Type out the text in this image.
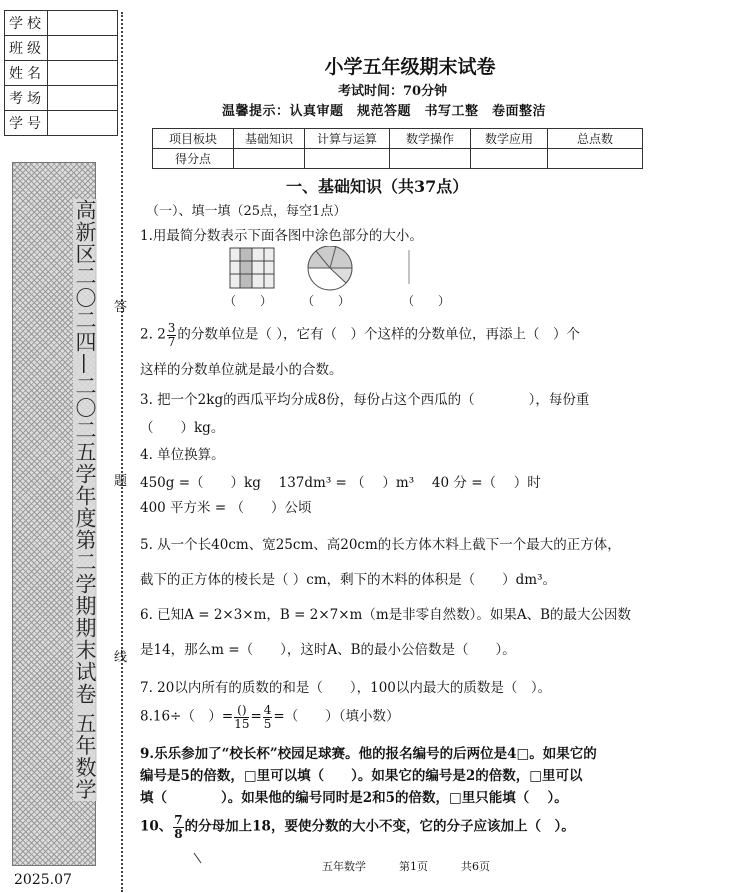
学校	
班级	
姓名	
考场	
学号	
高新区二〇二四—二〇二五学年度第二学期期末试卷 五年数学
2025.07
答
题
线
小学五年级期末试卷
考试时间：70分钟
温馨提示：认真审题　规范答题　书写工整　卷面整洁
项目板块	基础知识	计算与运算	数学操作	数学应用	总点数
得分点					
一、基础知识（共37点）
（一）、填一填（25点，每空1点）
1.用最简分数表示下面各图中涂色部分的大小。
（　　） （　　）	（　　）
2. $2 \frac{3}{7}$ 的分数单位是（ ），它有（　）个这样的分数单位，再添上（　）个
这样的分数单位就是最小的合数。
3. 把一个2kg的西瓜平均分成8份，每份占这个西瓜的（　　　　），每份重
（　　）kg。
4. 单位换算。
450g =（　　）kg　 137dm³ = （　 ）m³　 40 分 =（　 ）时
400 平方米 = （　　）公顷
5. 从一个长40cm、宽25cm、高20cm的长方体木料上截下一个最大的正方体，
截下的正方体的棱长是（ ）cm，剩下的木料的体积是（　　）dm³。
6. 已知A = 2×3×m，B = 2×7×m（m是非零自然数）。如果A、B的最大公因数
是14，那么m =（　　），这时A、B的最小公倍数是（　　）。
7. 20以内所有的质数的和是（　　），100以内最大的质数是（　）。
8.16÷（　）= $\frac{()}{15} = \frac{4}{5}$ =（　　）（填小数）
9.乐乐参加了“校长杯”校园足球赛。他的报名编号的后两位是4□。如果它的
编号是5的倍数，□里可以填（　　）。如果它的编号是2的倍数，□里可以
填（　　　　）。如果他的编号同时是2和5的倍数，□里只能填（　 ）。
10、 $\frac{7}{8}$ 的分母加上18，要使分数的大小不变，它的分子应该加上（　）。
五年数学　　　第1页　　　共6页
